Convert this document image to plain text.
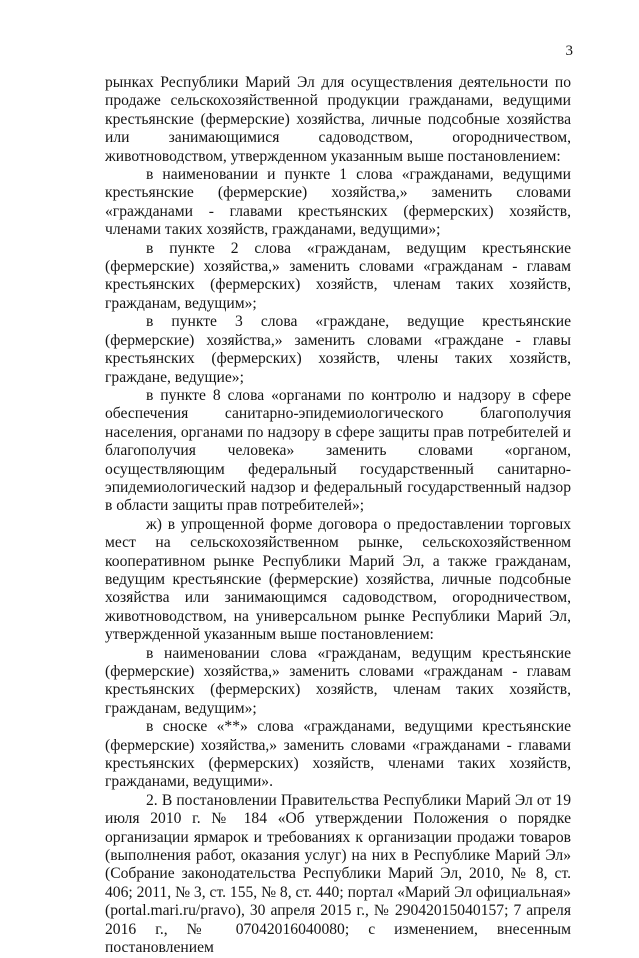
3

рынках Республики Марий Эл для осуществления деятельности по продаже сельскохозяйственной продукции гражданами, ведущими крестьянские (фермерские) хозяйства, личные подсобные хозяйства или занимающимися садоводством, огородничеством, животноводством, утвержденном указанным выше постановлением:

в наименовании и пункте 1 слова «гражданами, ведущими крестьянские (фермерские) хозяйства,» заменить словами «гражданами - главами крестьянских (фермерских) хозяйств, членами таких хозяйств, гражданами, ведущими»;

в пункте 2 слова «гражданам, ведущим крестьянские (фермерские) хозяйства,» заменить словами «гражданам - главам крестьянских (фермерских) хозяйств, членам таких хозяйств, гражданам, ведущим»;

в пункте 3 слова «граждане, ведущие крестьянские (фермерские) хозяйства,» заменить словами «граждане - главы крестьянских (фермерских) хозяйств, члены таких хозяйств, граждане, ведущие»;

в пункте 8 слова «органами по контролю и надзору в сфере обеспечения санитарно-эпидемиологического благополучия населения, органами по надзору в сфере защиты прав потребителей и благополучия человека» заменить словами «органом, осуществляющим федеральный государственный санитарно-эпидемиологический надзор и федеральный государственный надзор в области защиты прав потребителей»;

ж) в упрощенной форме договора о предоставлении торговых мест на сельскохозяйственном рынке, сельскохозяйственном кооперативном рынке Республики Марий Эл, а также гражданам, ведущим крестьянские (фермерские) хозяйства, личные подсобные хозяйства или занимающимся садоводством, огородничеством, животноводством, на универсальном рынке Республики Марий Эл, утвержденной указанным выше постановлением:

в наименовании слова «гражданам, ведущим крестьянские (фермерские) хозяйства,» заменить словами «гражданам - главам крестьянских (фермерских) хозяйств, членам таких хозяйств, гражданам, ведущим»;

в сноске «**» слова «гражданами, ведущими крестьянские (фермерские) хозяйства,» заменить словами «гражданами - главами крестьянских (фермерских) хозяйств, членами таких хозяйств, гражданами, ведущими».

2. В постановлении Правительства Республики Марий Эл от 19 июля 2010 г. № 184 «Об утверждении Положения о порядке организации ярмарок и требованиях к организации продажи товаров (выполнения работ, оказания услуг) на них в Республике Марий Эл» (Собрание законодательства Республики Марий Эл, 2010, № 8, ст. 406; 2011, № 3, ст. 155, № 8, ст. 440; портал «Марий Эл официальная» (portal.mari.ru/pravo), 30 апреля 2015 г., № 29042015040157; 7 апреля 2016 г., № 07042016040080; с изменением, внесенным постановлением
